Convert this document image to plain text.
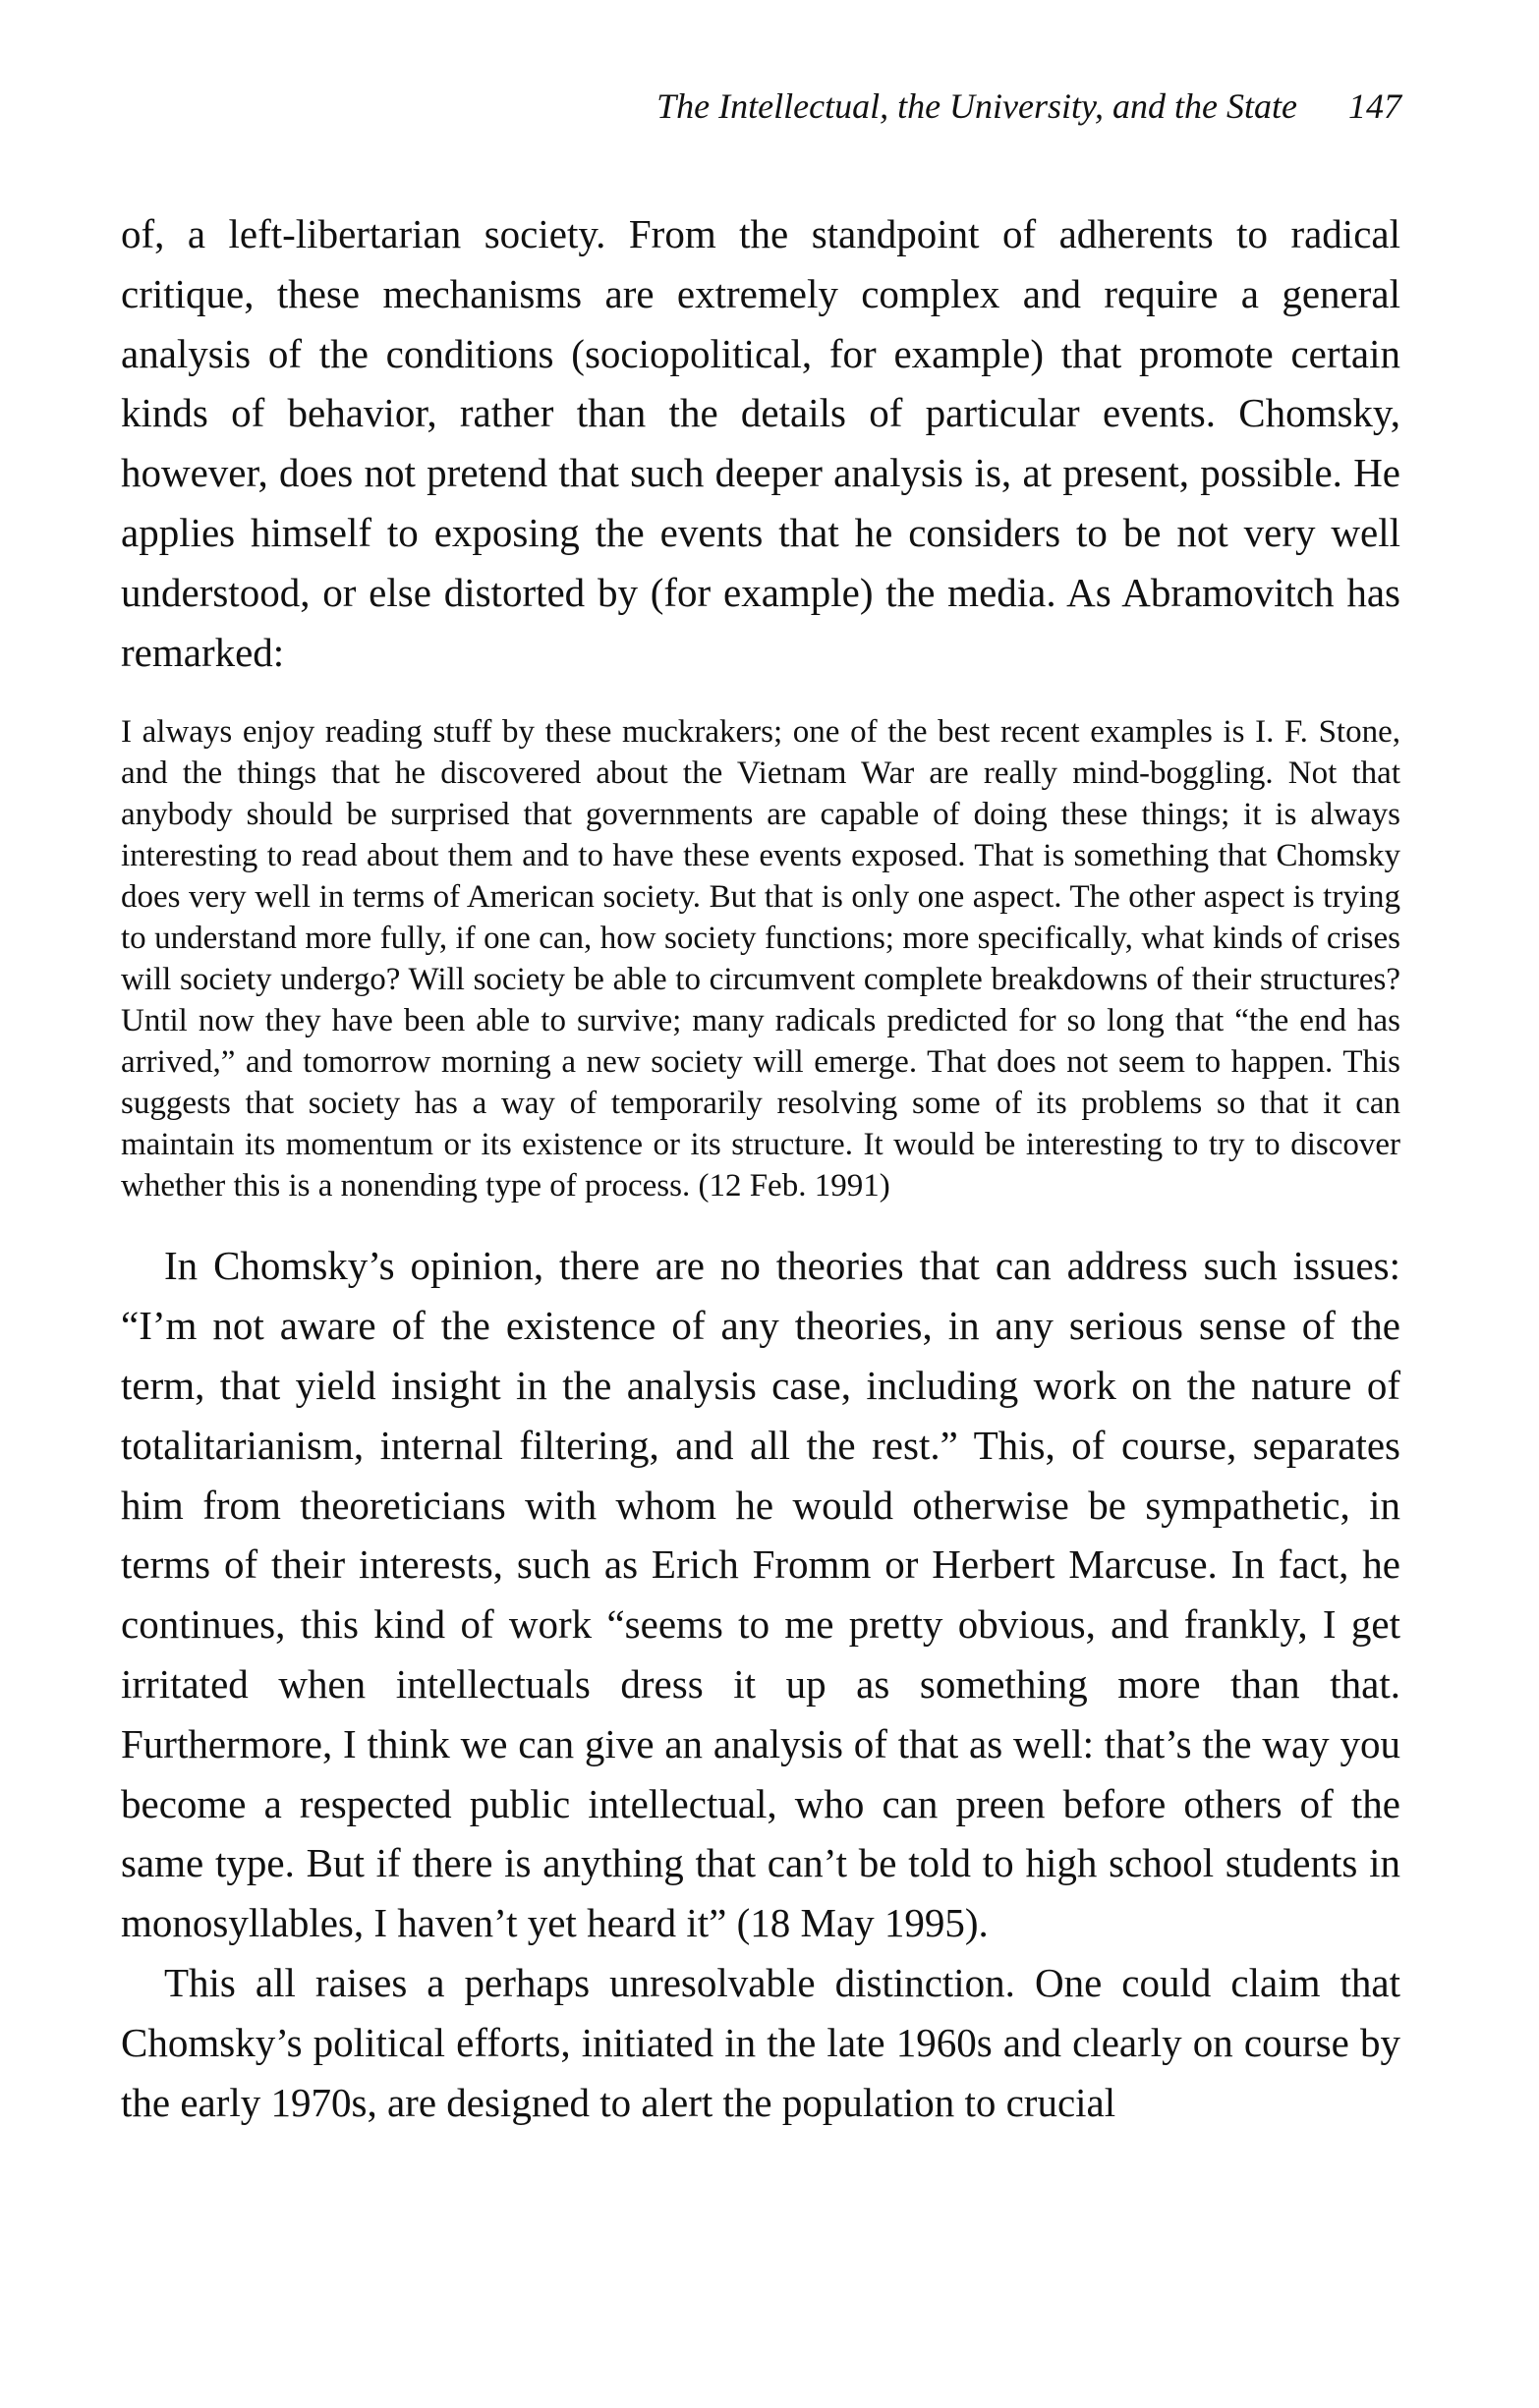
The Intellectual, the University, and the State 147

of, a left-libertarian society. From the standpoint of adherents to radical critique, these mechanisms are extremely complex and require a general analysis of the conditions (sociopolitical, for example) that promote certain kinds of behavior, rather than the details of particular events. Chomsky, however, does not pretend that such deeper analysis is, at present, possible. He applies himself to exposing the events that he considers to be not very well understood, or else distorted by (for example) the media. As Abramovitch has remarked:

I always enjoy reading stuff by these muckrakers; one of the best recent examples is I. F. Stone, and the things that he discovered about the Vietnam War are really mind-boggling. Not that anybody should be surprised that governments are capable of doing these things; it is always interesting to read about them and to have these events exposed. That is something that Chomsky does very well in terms of American society. But that is only one aspect. The other aspect is trying to understand more fully, if one can, how society functions; more specifically, what kinds of crises will society undergo? Will society be able to circumvent complete breakdowns of their structures? Until now they have been able to survive; many radicals predicted for so long that “the end has arrived,” and tomorrow morning a new society will emerge. That does not seem to happen. This suggests that society has a way of temporarily resolving some of its problems so that it can maintain its momentum or its existence or its structure. It would be interesting to try to discover whether this is a nonending type of process. (12 Feb. 1991)

In Chomsky’s opinion, there are no theories that can address such issues: “I’m not aware of the existence of any theories, in any serious sense of the term, that yield insight in the analysis case, including work on the nature of totalitarianism, internal filtering, and all the rest.” This, of course, separates him from theoreticians with whom he would otherwise be sympathetic, in terms of their interests, such as Erich Fromm or Herbert Marcuse. In fact, he continues, this kind of work “seems to me pretty obvious, and frankly, I get irritated when intellectuals dress it up as something more than that. Furthermore, I think we can give an analysis of that as well: that’s the way you become a respected public intellectual, who can preen before others of the same type. But if there is anything that can’t be told to high school students in monosyllables, I haven’t yet heard it” (18 May 1995).

This all raises a perhaps unresolvable distinction. One could claim that Chomsky’s political efforts, initiated in the late 1960s and clearly on course by the early 1970s, are designed to alert the population to crucial
